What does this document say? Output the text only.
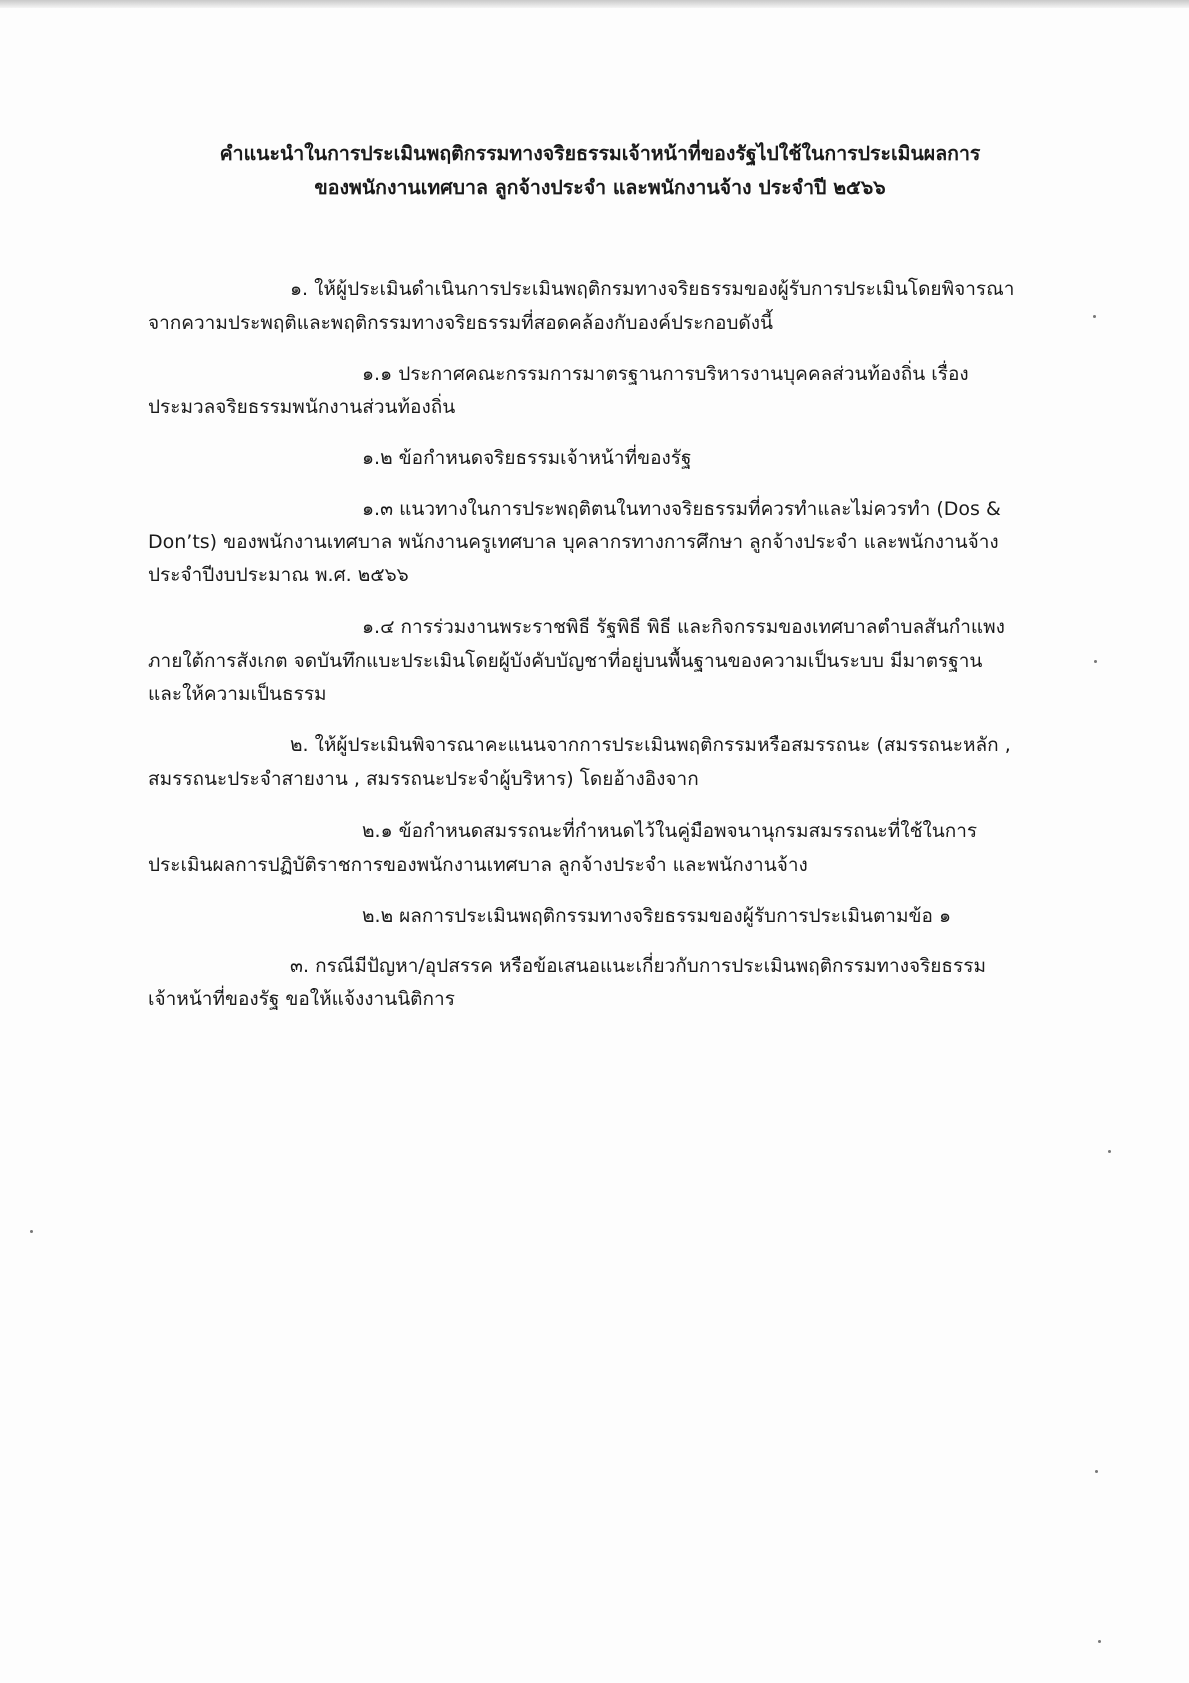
คำแนะนำในการประเมินพฤติกรรมทางจริยธรรมเจ้าหน้าที่ของรัฐไปใช้ในการประเมินผลการ
ของพนักงานเทศบาล ลูกจ้างประจำ และพนักงานจ้าง ประจำปี ๒๕๖๖
๑. ให้ผู้ประเมินดำเนินการประเมินพฤติกรมทางจริยธรรมของผู้รับการประเมินโดยพิจารณา
จากความประพฤติและพฤติกรรมทางจริยธรรมที่สอดคล้องกับองค์ประกอบดังนี้
๑.๑ ประกาศคณะกรรมการมาตรฐานการบริหารงานบุคคลส่วนท้องถิ่น เรื่อง
ประมวลจริยธรรมพนักงานส่วนท้องถิ่น
๑.๒ ข้อกำหนดจริยธรรมเจ้าหน้าที่ของรัฐ
๑.๓ แนวทางในการประพฤติตนในทางจริยธรรมที่ควรทำและไม่ควรทำ (Dos &
Don’ts) ของพนักงานเทศบาล พนักงานครูเทศบาล บุคลากรทางการศึกษา ลูกจ้างประจำ และพนักงานจ้าง
ประจำปีงบประมาณ พ.ศ. ๒๕๖๖
๑.๔ การร่วมงานพระราชพิธี รัฐพิธี พิธี และกิจกรรมของเทศบาลตำบลสันกำแพง
ภายใต้การสังเกต จดบันทึกแบะประเมินโดยผู้บังคับบัญชาที่อยู่บนพื้นฐานของความเป็นระบบ มีมาตรฐาน
และให้ความเป็นธรรม
๒. ให้ผู้ประเมินพิจารณาคะแนนจากการประเมินพฤติกรรมหรือสมรรถนะ (สมรรถนะหลัก ,
สมรรถนะประจำสายงาน , สมรรถนะประจำผู้บริหาร) โดยอ้างอิงจาก
๒.๑ ข้อกำหนดสมรรถนะที่กำหนดไว้ในคู่มือพจนานุกรมสมรรถนะที่ใช้ในการ
ประเมินผลการปฏิบัติราชการของพนักงานเทศบาล ลูกจ้างประจำ และพนักงานจ้าง
๒.๒ ผลการประเมินพฤติกรรมทางจริยธรรมของผู้รับการประเมินตามข้อ ๑
๓. กรณีมีปัญหา/อุปสรรค หรือข้อเสนอแนะเกี่ยวกับการประเมินพฤติกรรมทางจริยธรรม
เจ้าหน้าที่ของรัฐ ขอให้แจ้งงานนิติการ
